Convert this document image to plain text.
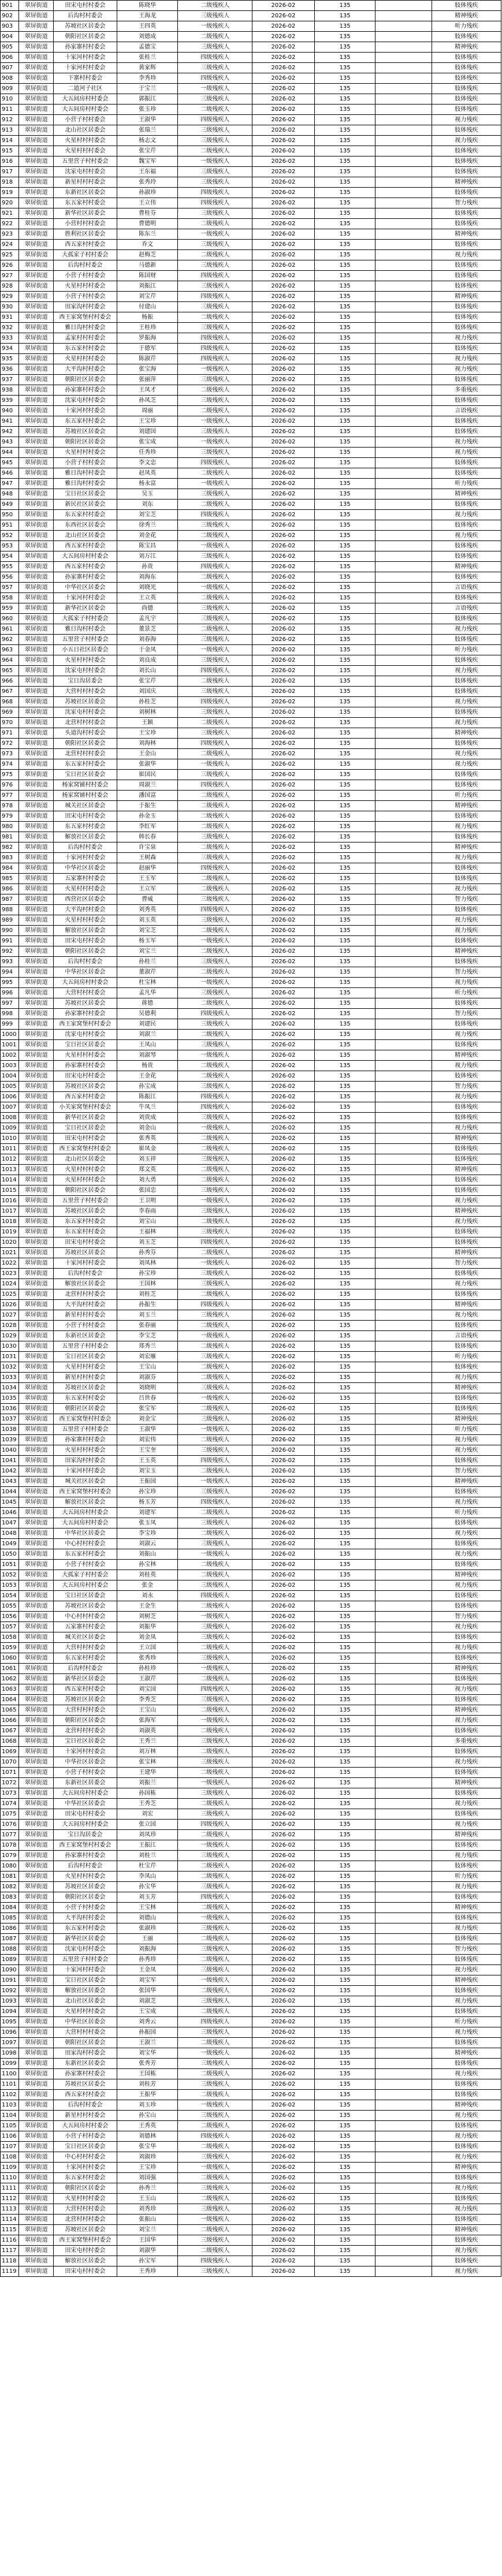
901	翠屏街道	田宋屯村村委会	陈晓华	二级残疾人	2026-02	135		肢体残疾
902	翠屏街道	后沟村村委会	王海龙	三级残疾人	2026-02	135		精神残疾
903	翠屏街道	苏坡社区居委会	王四英	一级残疾人	2026-02	135		听力残疾
904	翠屏街道	朝阳社区居委会	刘德成	二级残疾人	2026-02	135		肢体残疾
905	翠屏街道	孙家寨村村委会	孟德宝	三级残疾人	2026-02	135		精神残疾
906	翠屏街道	十家河村村委会	张桂兰	四级残疾人	2026-02	135		肢体残疾
907	翠屏街道	十家河村村委会	黄家辉	三级残疾人	2026-02	135		肢体残疾
908	翠屏街道	下寨村村委会	李秀珍	四级残疾人	2026-02	135		肢体残疾
909	翠屏街道	二道河子社区	于宝兰	一级残疾人	2026-02	135		肢体残疾
910	翠屏街道	大五间房村村委会	郭振江	三级残疾人	2026-02	135		肢体残疾
911	翠屏街道	大五间房村村委会	张玉珍	二级残疾人	2026-02	135		肢体残疾
912	翠屏街道	小营子村村委会	王淑华	四级残疾人	2026-02	135		视力残疾
913	翠屏街道	北山社区居委会	张瑞兰	三级残疾人	2026-02	135		肢体残疾
914	翠屏街道	火星村村村委会	杨志文	三级残疾人	2026-02	135		视力残疾
915	翠屏街道	火星村村村委会	张宝芹	二级残疾人	2026-02	135		肢体残疾
916	翠屏街道	五里营子村村委会	魏宝军	一级残疾人	2026-02	135		肢体残疾
917	翠屏街道	沈家屯村村委会	王东福	三级残疾人	2026-02	135		肢体残疾
918	翠屏街道	新星村村村委会	张秀玲	三级残疾人	2026-02	135		精神残疾
919	翠屏街道	东新社区居委会	孙淑珍	四级残疾人	2026-02	135		肢体残疾
920	翠屏街道	东五家村村委会	王立伟	四级残疾人	2026-02	135		智力残疾
921	翠屏街道	新华社区居委会	曹桂芬	三级残疾人	2026-02	135		肢体残疾
922	翠屏街道	小营村村村委会	曹德明	二级残疾人	2026-02	135		肢体残疾
923	翠屏街道	胜利社区居委会	陈东兰	一级残疾人	2026-02	135		精神残疾
924	翠屏街道	西五家村村委会	乔文	三级残疾人	2026-02	135		肢体残疾
925	翠屏街道	大孤家子村村委会	赵梅芝	二级残疾人	2026-02	135		视力残疾
926	翠屏街道	后沟村村委会	马德新	三级残疾人	2026-02	135		肢体残疾
927	翠屏街道	小营子村村委会	陈国财	四级残疾人	2026-02	135		肢体残疾
928	翠屏街道	火星村村村委会	刘振江	三级残疾人	2026-02	135		肢体残疾
929	翠屏街道	小营子村村委会	刘宝芹	四级残疾人	2026-02	135		精神残疾
930	翠屏街道	田家沟村村委会	付建山	三级残疾人	2026-02	135		肢体残疾
931	翠屏街道	西王家窝堡村村委会	杨振	二级残疾人	2026-02	135		肢体残疾
932	翠屏街道	雅日沟村村委会	王桂珍	三级残疾人	2026-02	135		肢体残疾
933	翠屏街道	孟家村村村委会	罗振海	四级残疾人	2026-02	135		视力残疾
934	翠屏街道	东五家村村委会	于德军	四级残疾人	2026-02	135		肢体残疾
935	翠屏街道	火星村村村委会	陈淑芹	四级残疾人	2026-02	135		视力残疾
936	翠屏街道	大平沟村村委会	张宝海	一级残疾人	2026-02	135		视力残疾
937	翠屏街道	朝阳社区居委会	张丽萍	三级残疾人	2026-02	135		肢体残疾
938	翠屏街道	孙家寨村村委会	王凤才	二级残疾人	2026-02	135		多重残疾
939	翠屏街道	沈家屯村村委会	孙凤芝	三级残疾人	2026-02	135		肢体残疾
940	翠屏街道	十家河村村委会	周丽	二级残疾人	2026-02	135		言语残疾
941	翠屏街道	东五家村村委会	王宝珍	一级残疾人	2026-02	135		肢体残疾
942	翠屏街道	苏坡社区居委会	刘建国	三级残疾人	2026-02	135		肢体残疾
943	翠屏街道	朝阳社区居委会	张宝成	一级残疾人	2026-02	135		视力残疾
944	翠屏街道	火星村村村委会	任秀珍	三级残疾人	2026-02	135		视力残疾
945	翠屏街道	小营子村村委会	李文忠	四级残疾人	2026-02	135		肢体残疾
946	翠屏街道	雅日沟村村委会	赵凤英	二级残疾人	2026-02	135		肢体残疾
947	翠屏街道	雅日沟村村委会	杨永富	一级残疾人	2026-02	135		听力残疾
948	翠屏街道	宝日社区居委会	吴玉	三级残疾人	2026-02	135		精神残疾
949	翠屏街道	新民社区居委会	刘东	二级残疾人	2026-02	135		肢体残疾
950	翠屏街道	东五家村村委会	刘宝芝	四级残疾人	2026-02	135		视力残疾
951	翠屏街道	东西社区居委会	徐秀兰	三级残疾人	2026-02	135		肢体残疾
952	翠屏街道	北山社区居委会	刘金花	二级残疾人	2026-02	135		视力残疾
953	翠屏街道	西五家村村委会	陈宝昌	一级残疾人	2026-02	135		肢体残疾
954	翠屏街道	大五间房村村委会	刘万江	三级残疾人	2026-02	135		肢体残疾
955	翠屏街道	西五家村村委会	孙贵	四级残疾人	2026-02	135		精神残疾
956	翠屏街道	孙家寨村村委会	刘海东	二级残疾人	2026-02	135		肢体残疾
957	翠屏街道	中华社区居委会	刘晓光	一级残疾人	2026-02	135		言语残疾
958	翠屏街道	十家河村村委会	王立英	二级残疾人	2026-02	135		肢体残疾
959	翠屏街道	新华社区居委会	尚德	三级残疾人	2026-02	135		言语残疾
960	翠屏街道	大孤家子村村委会	孟凡宇	三级残疾人	2026-02	135		肢体残疾
961	翠屏街道	雅日沟村村委会	董景芝	二级残疾人	2026-02	135		视力残疾
962	翠屏街道	五里营子村村委会	刘春海	三级残疾人	2026-02	135		肢体残疾
963	翠屏街道	小五日社区居委会	于金凤	一级残疾人	2026-02	135		听力残疾
964	翠屏街道	火星村村村委会	刘良成	三级残疾人	2026-02	135		肢体残疾
965	翠屏街道	沈家屯村村委会	刘长山	四级残疾人	2026-02	135		视力残疾
966	翠屏街道	宝日沟居委会	张宝芹	二级残疾人	2026-02	135		肢体残疾
967	翠屏街道	大营村村村委会	刘国庆	三级残疾人	2026-02	135		肢体残疾
968	翠屏街道	苏坡社区居委会	孙桂芝	四级残疾人	2026-02	135		视力残疾
969	翠屏街道	沈家屯村村委会	刘树林	三级残疾人	2026-02	135		肢体残疾
970	翠屏街道	北营村村村委会	王颖	二级残疾人	2026-02	135		视力残疾
971	翠屏街道	头道沟村村委会	王宝珍	三级残疾人	2026-02	135		精神残疾
972	翠屏街道	朝阳社区居委会	刘海林	四级残疾人	2026-02	135		肢体残疾
973	翠屏街道	北营村村村委会	王金山	二级残疾人	2026-02	135		视力残疾
974	翠屏街道	东五家村村委会	张淑华	一级残疾人	2026-02	135		视力残疾
975	翠屏街道	宝日社区居委会	崔国民	三级残疾人	2026-02	135		肢体残疾
976	翠屏街道	杨家窝铺村村委会	周淑兰	四级残疾人	2026-02	135		肢体残疾
977	翠屏街道	杨家窝铺村村委会	潘国富	二级残疾人	2026-02	135		听力残疾
978	翠屏街道	城关社区居委会	于振生	二级残疾人	2026-02	135		精神残疾
979	翠屏街道	田宋屯村村委会	孙金玉	二级残疾人	2026-02	135		肢体残疾
980	翠屏街道	东五家村村委会	李红军	二级残疾人	2026-02	135		视力残疾
981	翠屏街道	解放社区居委会	韩长春	三级残疾人	2026-02	135		肢体残疾
982	翠屏街道	后沟村村委会	许宝泉	二级残疾人	2026-02	135		精神残疾
983	翠屏街道	十家河村村委会	王树森	三级残疾人	2026-02	135		视力残疾
984	翠屏街道	中华社区居委会	赵丽华	四级残疾人	2026-02	135		肢体残疾
985	翠屏街道	五家寨村村委会	王玉军	二级残疾人	2026-02	135		肢体残疾
986	翠屏街道	火星村村村委会	王立军	二级残疾人	2026-02	135		视力残疾
987	翠屏街道	西营社区居委会	曹威	三级残疾人	2026-02	135		智力残疾
988	翠屏街道	大平沟村村委会	刘秀英	四级残疾人	2026-02	135		肢体残疾
989	翠屏街道	火星村村村委会	刘玉英	三级残疾人	2026-02	135		视力残疾
990	翠屏街道	解放社区居委会	刘宝芝	二级残疾人	2026-02	135		视力残疾
991	翠屏街道	田宋屯村村委会	杨玉军	一级残疾人	2026-02	135		肢体残疾
992	翠屏街道	朝阳社区居委会	刘宝兰	二级残疾人	2026-02	135		精神残疾
993	翠屏街道	后沟村村委会	孙桂兰	三级残疾人	2026-02	135		肢体残疾
994	翠屏街道	中华社区居委会	董淑芹	二级残疾人	2026-02	135		智力残疾
995	翠屏街道	大五间房村村委会	杜宝林	一级残疾人	2026-02	135		视力残疾
996	翠屏街道	大营村村村委会	孟凡华	三级残疾人	2026-02	135		听力残疾
997	翠屏街道	苏坡社区居委会	蒋德	二级残疾人	2026-02	135		肢体残疾
998	翠屏街道	孙家寨村村委会	吴德利	四级残疾人	2026-02	135		智力残疾
999	翠屏街道	西王家窝堡村村委会	刘建民	三级残疾人	2026-02	135		肢体残疾
1000	翠屏街道	沈家屯村村委会	刘淑兰	二级残疾人	2026-02	135		视力残疾
1001	翠屏街道	宝日社区居委会	王凤山	三级残疾人	2026-02	135		肢体残疾
1002	翠屏街道	火星村村村委会	刘淑琴	一级残疾人	2026-02	135		精神残疾
1003	翠屏街道	孙家寨村村委会	杨贵	二级残疾人	2026-02	135		视力残疾
1004	翠屏街道	田宋屯村村委会	王金花	二级残疾人	2026-02	135		肢体残疾
1005	翠屏街道	苏坡社区居委会	孙宝成	三级残疾人	2026-02	135		智力残疾
1006	翠屏街道	西五家村村委会	陈振江	四级残疾人	2026-02	135		视力残疾
1007	翠屏街道	小关家窝堡村村委会	牛凤兰	四级残疾人	2026-02	135		肢体残疾
1008	翠屏街道	新华社区居委会	刘贵成	三级残疾人	2026-02	135		肢体残疾
1009	翠屏街道	宝日社区居委会	刘金山	一级残疾人	2026-02	135		视力残疾
1010	翠屏街道	田宋屯村村委会	张秀英	二级残疾人	2026-02	135		精神残疾
1011	翠屏街道	西王家窝堡村村委会	崔凤金	二级残疾人	2026-02	135		肢体残疾
1012	翠屏街道	北山社区居委会	刘玉祥	三级残疾人	2026-02	135		肢体残疾
1013	翠屏街道	火星村村村委会	郑文英	二级残疾人	2026-02	135		精神残疾
1014	翠屏街道	火星村村村委会	刘大勇	二级残疾人	2026-02	135		肢体残疾
1015	翠屏街道	朝阳社区居委会	张国忠	三级残疾人	2026-02	135		肢体残疾
1016	翠屏街道	五里营子村村委会	王卫明	一级残疾人	2026-02	135		视力残疾
1017	翠屏街道	苏坡社区居委会	李春雨	三级残疾人	2026-02	135		精神残疾
1018	翠屏街道	东五家村村委会	刘宝山	二级残疾人	2026-02	135		视力残疾
1019	翠屏街道	东五家村村委会	王福林	三级残疾人	2026-02	135		肢体残疾
1020	翠屏街道	田宋屯村村委会	刘玉芝	四级残疾人	2026-02	135		肢体残疾
1021	翠屏街道	苏坡社区居委会	孙秀芬	二级残疾人	2026-02	135		精神残疾
1022	翠屏街道	十家河村村委会	刘凤林	一级残疾人	2026-02	135		智力残疾
1023	翠屏街道	后沟村村委会	孙宝珍	三级残疾人	2026-02	135		肢体残疾
1024	翠屏街道	解放社区居委会	王国林	三级残疾人	2026-02	135		视力残疾
1025	翠屏街道	北营村村村委会	刘桂芝	二级残疾人	2026-02	135		肢体残疾
1026	翠屏街道	大平沟村村委会	孙振生	四级残疾人	2026-02	135		精神残疾
1027	翠屏街道	新星村村村委会	刘玉兰	三级残疾人	2026-02	135		视力残疾
1028	翠屏街道	小营子村村委会	张春丽	二级残疾人	2026-02	135		肢体残疾
1029	翠屏街道	东新社区居委会	李宝芝	一级残疾人	2026-02	135		言语残疾
1030	翠屏街道	五里营子村村委会	郑秀兰	二级残疾人	2026-02	135		肢体残疾
1031	翠屏街道	宝日社区居委会	刘宏雁	三级残疾人	2026-02	135		听力残疾
1032	翠屏街道	火星村村村委会	王宝山	二级残疾人	2026-02	135		肢体残疾
1033	翠屏街道	新星村村村委会	刘淑芬	二级残疾人	2026-02	135		视力残疾
1034	翠屏街道	苏坡社区居委会	刘晓明	三级残疾人	2026-02	135		精神残疾
1035	翠屏街道	东五家村村委会	吕世春	一级残疾人	2026-02	135		肢体残疾
1036	翠屏街道	朝阳社区居委会	张宝军	二级残疾人	2026-02	135		肢体残疾
1037	翠屏街道	西王家窝堡村村委会	刘金宝	三级残疾人	2026-02	135		精神残疾
1038	翠屏街道	五里营子村村委会	王淑华	一级残疾人	2026-02	135		听力残疾
1039	翠屏街道	孙家寨村村委会	刘宏伟	二级残疾人	2026-02	135		视力残疾
1040	翠屏街道	火星村村村委会	王宝奎	三级残疾人	2026-02	135		视力残疾
1041	翠屏街道	田家沟村村委会	王玉英	四级残疾人	2026-02	135		肢体残疾
1042	翠屏街道	十家河村村委会	刘宝玉	二级残疾人	2026-02	135		智力残疾
1043	翠屏街道	城关社区居委会	王振国	一级残疾人	2026-02	135		精神残疾
1044	翠屏街道	西王家窝堡村村委会	孙宝珍	三级残疾人	2026-02	135		肢体残疾
1045	翠屏街道	解放社区居委会	杨玉芳	四级残疾人	2026-02	135		视力残疾
1046	翠屏街道	大五间房村村委会	刘建军	二级残疾人	2026-02	135		听力残疾
1047	翠屏街道	大五间房村村委会	张玉凤	三级残疾人	2026-02	135		肢体残疾
1048	翠屏街道	中华社区居委会	李宝珍	二级残疾人	2026-02	135		视力残疾
1049	翠屏街道	中心村村村委会	刘淑云	三级残疾人	2026-02	135		肢体残疾
1050	翠屏街道	东五家村村委会	刘振山	一级残疾人	2026-02	135		视力残疾
1051	翠屏街道	小营子村村委会	孙宝林	二级残疾人	2026-02	135		肢体残疾
1052	翠屏街道	大孤家子村村委会	刘桂英	二级残疾人	2026-02	135		精神残疾
1053	翠屏街道	大五间房村村委会	张金	三级残疾人	2026-02	135		视力残疾
1054	翠屏街道	宝日社区居委会	刘永	四级残疾人	2026-02	135		肢体残疾
1055	翠屏街道	苏坡社区居委会	王金生	二级残疾人	2026-02	135		肢体残疾
1056	翠屏街道	中心村村村委会	刘树芝	一级残疾人	2026-02	135		智力残疾
1057	翠屏街道	五家寨村村委会	刘振华	三级残疾人	2026-02	135		视力残疾
1058	翠屏街道	城关社区居委会	刘金凤	三级残疾人	2026-02	135		肢体残疾
1059	翠屏街道	大营村村村委会	王立国	二级残疾人	2026-02	135		视力残疾
1060	翠屏街道	东五家村村委会	张秀珍	三级残疾人	2026-02	135		肢体残疾
1061	翠屏街道	后沟村村委会	孙桂珍	一级残疾人	2026-02	135		精神残疾
1062	翠屏街道	新华社区居委会	王淑芹	二级残疾人	2026-02	135		肢体残疾
1063	翠屏街道	西五家村村委会	刘宝国	四级残疾人	2026-02	135		视力残疾
1064	翠屏街道	苏坡社区居委会	李秀芝	三级残疾人	2026-02	135		肢体残疾
1065	翠屏街道	大营村村村委会	王宝山	二级残疾人	2026-02	135		精神残疾
1066	翠屏街道	朝阳社区居委会	张海军	一级残疾人	2026-02	135		视力残疾
1067	翠屏街道	北营村村村委会	刘淑英	二级残疾人	2026-02	135		肢体残疾
1068	翠屏街道	宝日社区居委会	王秀兰	三级残疾人	2026-02	135		多重残疾
1069	翠屏街道	十家河村村委会	刘万林	二级残疾人	2026-02	135		肢体残疾
1070	翠屏街道	中华社区居委会	张宝林	三级残疾人	2026-02	135		视力残疾
1071	翠屏街道	小营子村村委会	王建华	二级残疾人	2026-02	135		肢体残疾
1072	翠屏街道	东新社区居委会	刘振兰	一级残疾人	2026-02	135		精神残疾
1073	翠屏街道	大五间房村村委会	孙国栋	三级残疾人	2026-02	135		肢体残疾
1074	翠屏街道	中华社区居委会	王秀芝	二级残疾人	2026-02	135		视力残疾
1075	翠屏街道	田宋屯村村委会	刘宏	三级残疾人	2026-02	135		肢体残疾
1076	翠屏街道	大五间房村村委会	张立国	四级残疾人	2026-02	135		视力残疾
1077	翠屏街道	宝日沟居委会	刘凤珍	二级残疾人	2026-02	135		精神残疾
1078	翠屏街道	西王家窝堡村村委会	王振江	一级残疾人	2026-02	135		肢体残疾
1079	翠屏街道	孙家寨村村委会	刘桂兰	三级残疾人	2026-02	135		视力残疾
1080	翠屏街道	后沟村村委会	杜宝芹	二级残疾人	2026-02	135		肢体残疾
1081	翠屏街道	火星村村村委会	李凤山	二级残疾人	2026-02	135		听力残疾
1082	翠屏街道	苏坡社区居委会	孙宝华	三级残疾人	2026-02	135		视力残疾
1083	翠屏街道	朝阳社区居委会	刘玉芳	四级残疾人	2026-02	135		肢体残疾
1084	翠屏街道	小营子村村委会	王宝林	二级残疾人	2026-02	135		精神残疾
1085	翠屏街道	大平沟村村委会	刘德山	一级残疾人	2026-02	135		肢体残疾
1086	翠屏街道	东五家村村委会	张淑珍	三级残疾人	2026-02	135		视力残疾
1087	翠屏街道	新华社区居委会	王丽	二级残疾人	2026-02	135		肢体残疾
1088	翠屏街道	沈家屯村村委会	刘振海	三级残疾人	2026-02	135		智力残疾
1089	翠屏街道	五里营子村村委会	孙秀珍	二级残疾人	2026-02	135		肢体残疾
1090	翠屏街道	十家河村村委会	王金凤	三级残疾人	2026-02	135		视力残疾
1091	翠屏街道	宝日社区居委会	刘宝军	一级残疾人	2026-02	135		精神残疾
1092	翠屏街道	解放社区居委会	张国华	二级残疾人	2026-02	135		肢体残疾
1093	翠屏街道	北山社区居委会	刘淑芝	三级残疾人	2026-02	135		视力残疾
1094	翠屏街道	火星村村村委会	王宝成	二级残疾人	2026-02	135		肢体残疾
1095	翠屏街道	中华社区居委会	刘秀云	四级残疾人	2026-02	135		听力残疾
1096	翠屏街道	大营村村村委会	孙振国	三级残疾人	2026-02	135		视力残疾
1097	翠屏街道	朝阳社区居委会	王淑兰	二级残疾人	2026-02	135		肢体残疾
1098	翠屏街道	田家沟村村委会	刘宝华	一级残疾人	2026-02	135		精神残疾
1099	翠屏街道	东新社区居委会	张秀芳	三级残疾人	2026-02	135		肢体残疾
1100	翠屏街道	孙家寨村村委会	王国栋	二级残疾人	2026-02	135		视力残疾
1101	翠屏街道	苏坡社区居委会	刘桂芳	三级残疾人	2026-02	135		肢体残疾
1102	翠屏街道	西五家村村委会	王振华	二级残疾人	2026-02	135		肢体残疾
1103	翠屏街道	后沟村村委会	刘玉珍	一级残疾人	2026-02	135		精神残疾
1104	翠屏街道	新星村村村委会	孙宝山	三级残疾人	2026-02	135		视力残疾
1105	翠屏街道	大五间房村村委会	王秀英	二级残疾人	2026-02	135		肢体残疾
1106	翠屏街道	小营子村村委会	刘德林	四级残疾人	2026-02	135		视力残疾
1107	翠屏街道	宝日社区居委会	张宝华	二级残疾人	2026-02	135		肢体残疾
1108	翠屏街道	中心村村村委会	刘淑珍	三级残疾人	2026-02	135		视力残疾
1109	翠屏街道	十家河村村委会	王宝珍	一级残疾人	2026-02	135		精神残疾
1110	翠屏街道	东五家村村委会	刘国强	二级残疾人	2026-02	135		肢体残疾
1111	翠屏街道	朝阳社区居委会	孙秀兰	三级残疾人	2026-02	135		视力残疾
1112	翠屏街道	火星村村村委会	王玉山	二级残疾人	2026-02	135		肢体残疾
1113	翠屏街道	大营村村村委会	刘秀珍	三级残疾人	2026-02	135		视力残疾
1114	翠屏街道	北营村村村委会	张振山	一级残疾人	2026-02	135		肢体残疾
1115	翠屏街道	苏坡社区居委会	刘宝兰	二级残疾人	2026-02	135		精神残疾
1116	翠屏街道	西王家窝堡村村委会	王国华	三级残疾人	2026-02	135		肢体残疾
1117	翠屏街道	田宋屯村村委会	刘淑华	二级残疾人	2026-02	135		视力残疾
1118	翠屏街道	解放社区居委会	孙宝军	四级残疾人	2026-02	135		肢体残疾
1119	翠屏街道	田宋屯村村委会	王秀珍	三级残疾人	2026-02	135		视力残疾
